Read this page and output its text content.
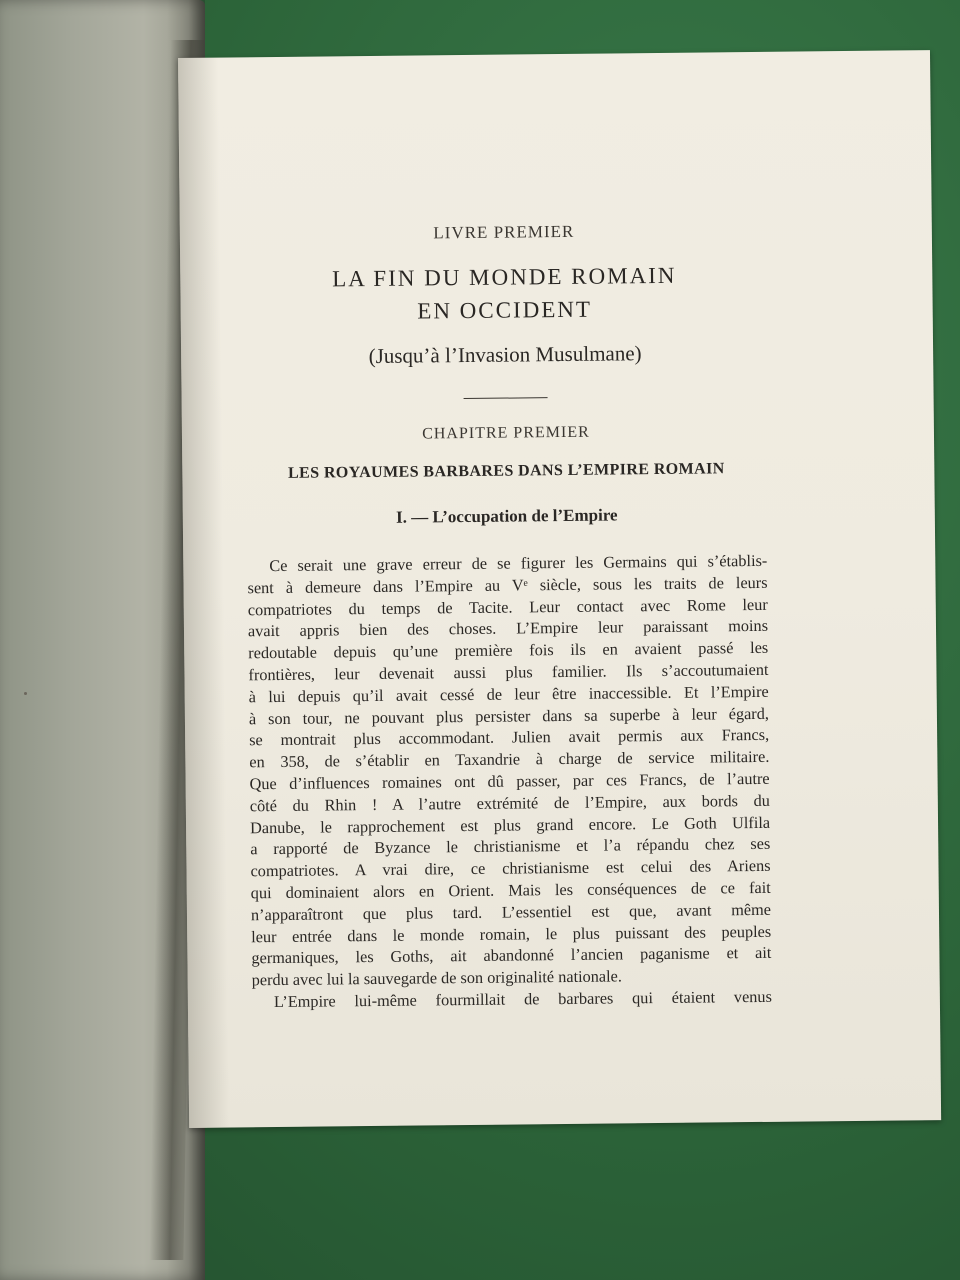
LIVRE PREMIER
LA FIN DU MONDE ROMAIN
EN OCCIDENT
(Jusqu’à l’Invasion Musulmane)
CHAPITRE PREMIER
LES ROYAUMES BARBARES DANS L’EMPIRE ROMAIN
I. — L’occupation de l’Empire
Ce serait une grave erreur de se figurer les Germains qui s’établis-
sent à demeure dans l’Empire au Vᵉ siècle, sous les traits de leurs
compatriotes du temps de Tacite. Leur contact avec Rome leur
avait appris bien des choses. L’Empire leur paraissant moins
redoutable depuis qu’une première fois ils en avaient passé les
frontières, leur devenait aussi plus familier. Ils s’accoutumaient
à lui depuis qu’il avait cessé de leur être inaccessible. Et l’Empire
à son tour, ne pouvant plus persister dans sa superbe à leur égard,
se montrait plus accommodant. Julien avait permis aux Francs,
en 358, de s’établir en Taxandrie à charge de service militaire.
Que d’influences romaines ont dû passer, par ces Francs, de l’autre
côté du Rhin ! A l’autre extrémité de l’Empire, aux bords du
Danube, le rapprochement est plus grand encore. Le Goth Ulfila
a rapporté de Byzance le christianisme et l’a répandu chez ses
compatriotes. A vrai dire, ce christianisme est celui des Ariens
qui dominaient alors en Orient. Mais les conséquences de ce fait
n’apparaîtront que plus tard. L’essentiel est que, avant même
leur entrée dans le monde romain, le plus puissant des peuples
germaniques, les Goths, ait abandonné l’ancien paganisme et ait
perdu avec lui la sauvegarde de son originalité nationale.
L’Empire lui-même fourmillait de barbares qui étaient venus
